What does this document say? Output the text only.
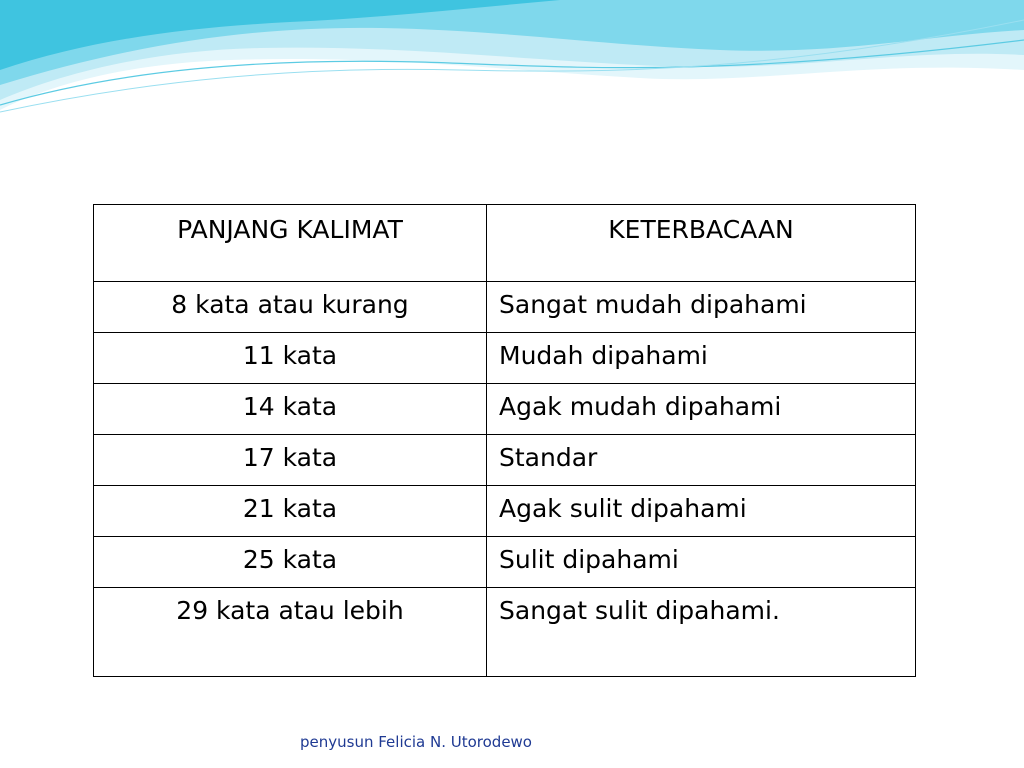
PANJANG KALIMAT	KETERBACAAN
8 kata atau kurang	Sangat mudah dipahami
11 kata	Mudah dipahami
14 kata	Agak mudah dipahami
17 kata	Standar
21 kata	Agak sulit dipahami
25 kata	Sulit dipahami
29 kata atau lebih	Sangat sulit dipahami.
penyusun Felicia N. Utorodewo
